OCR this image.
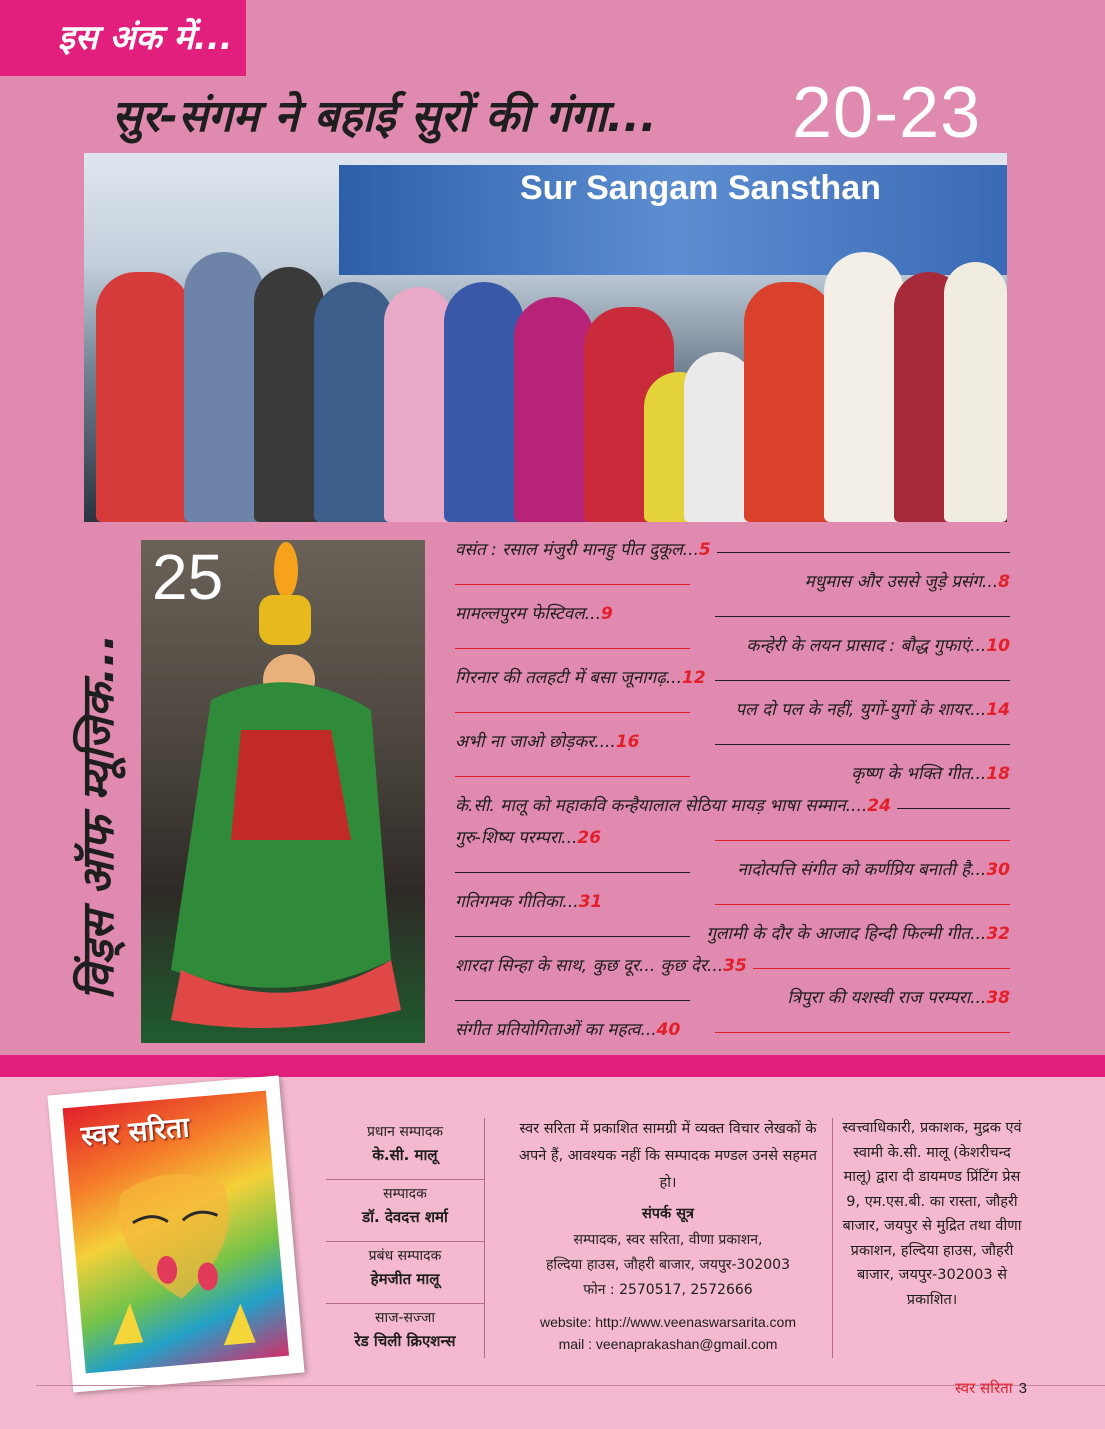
इस अंक में...
सुर-संगम ने बहाई सुरों की गंगा... 20-23
Sur Sangam Sansthan
25
विंड्स ऑफ म्यूजिक...
वसंत : रसाल मंजुरी मानहु पीत दुकूल...5
मधुमास और उससे जुड़े प्रसंग...8
मामल्लपुरम फेस्टिवल...9
कन्हेरी के लयन प्रासाद : बौद्ध गुफाएं...10
गिरनार की तलहटी में बसा जूनागढ़...12
पल दो पल के नहीं, युगों-युगों के शायर...14
अभी ना जाओ छोड़कर....16
कृष्ण के भक्ति गीत...18
के.सी. मालू को महाकवि कन्हैयालाल सेठिया मायड़ भाषा सम्मान....24
गुरु-शिष्य परम्परा...26
नादोत्पत्ति संगीत को कर्णप्रिय बनाती है...30
गतिगमक गीतिका...31
गुलामी के दौर के आजाद हिन्दी फिल्मी गीत...32
शारदा सिन्हा के साथ, कुछ दूर... कुछ देर...35
त्रिपुरा की यशस्वी राज परम्परा...38
संगीत प्रतियोगिताओं का महत्व...40
स्वर सरिता	प्रधान सम्पादक
के.सी. मालू
सम्पादक
डॉ. देवदत्त शर्मा
प्रबंध सम्पादक
हेमजीत मालू
साज-सज्जा
रेड चिली क्रिएशन्स
स्वर सरिता में प्रकाशित सामग्री में व्यक्त विचार लेखकों के अपने हैं, आवश्यक नहीं कि सम्पादक मण्डल उनसे सहमत हो।
संपर्क सूत्र
सम्पादक, स्वर सरिता, वीणा प्रकाशन,
हल्दिया हाउस, जौहरी बाजार, जयपुर-302003
फोन : 2570517, 2572666
website: http://www.veenaswarsarita.com
mail : veenaprakashan@gmail.com
स्वत्त्वाधिकारी, प्रकाशक, मुद्रक एवं स्वामी के.सी. मालू (केशरीचन्द मालू) द्वारा दी डायमण्ड प्रिंटिंग प्रेस 9, एम.एस.बी. का रास्ता, जौहरी बाजार, जयपुर से मुद्रित तथा वीणा प्रकाशन, हल्दिया हाउस, जौहरी बाजार, जयपुर-302003 से प्रकाशित।
स्वर सरिता 3
